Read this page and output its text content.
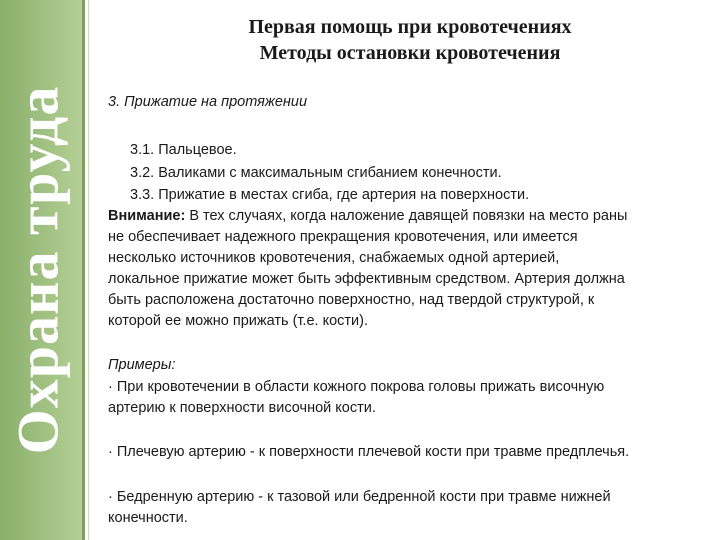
Охрана труда
Первая помощь при кровотечениях
Методы остановки кровотечения
3. Прижатие на протяжении
3.1. Пальцевое.
3.2. Валиками с максимальным сгибанием конечности.
3.3. Прижатие в местах сгиба, где артерия на поверхности.
Внимание: В тех случаях, когда наложение давящей повязки на место раны
не обеспечивает надежного прекращения кровотечения, или имеется
несколько источников кровотечения, снабжаемых одной артерией,
локальное прижатие может быть эффективным средством. Артерия должна
быть расположена достаточно поверхностно, над твердой структурой, к
которой ее можно прижать (т.е. кости).
Примеры:
· При кровотечении в области кожного покрова головы прижать височную
артерию к поверхности височной кости.
· Плечевую артерию - к поверхности плечевой кости при травме предплечья.
· Бедренную артерию - к тазовой или бедренной кости при травме нижней
конечности.
